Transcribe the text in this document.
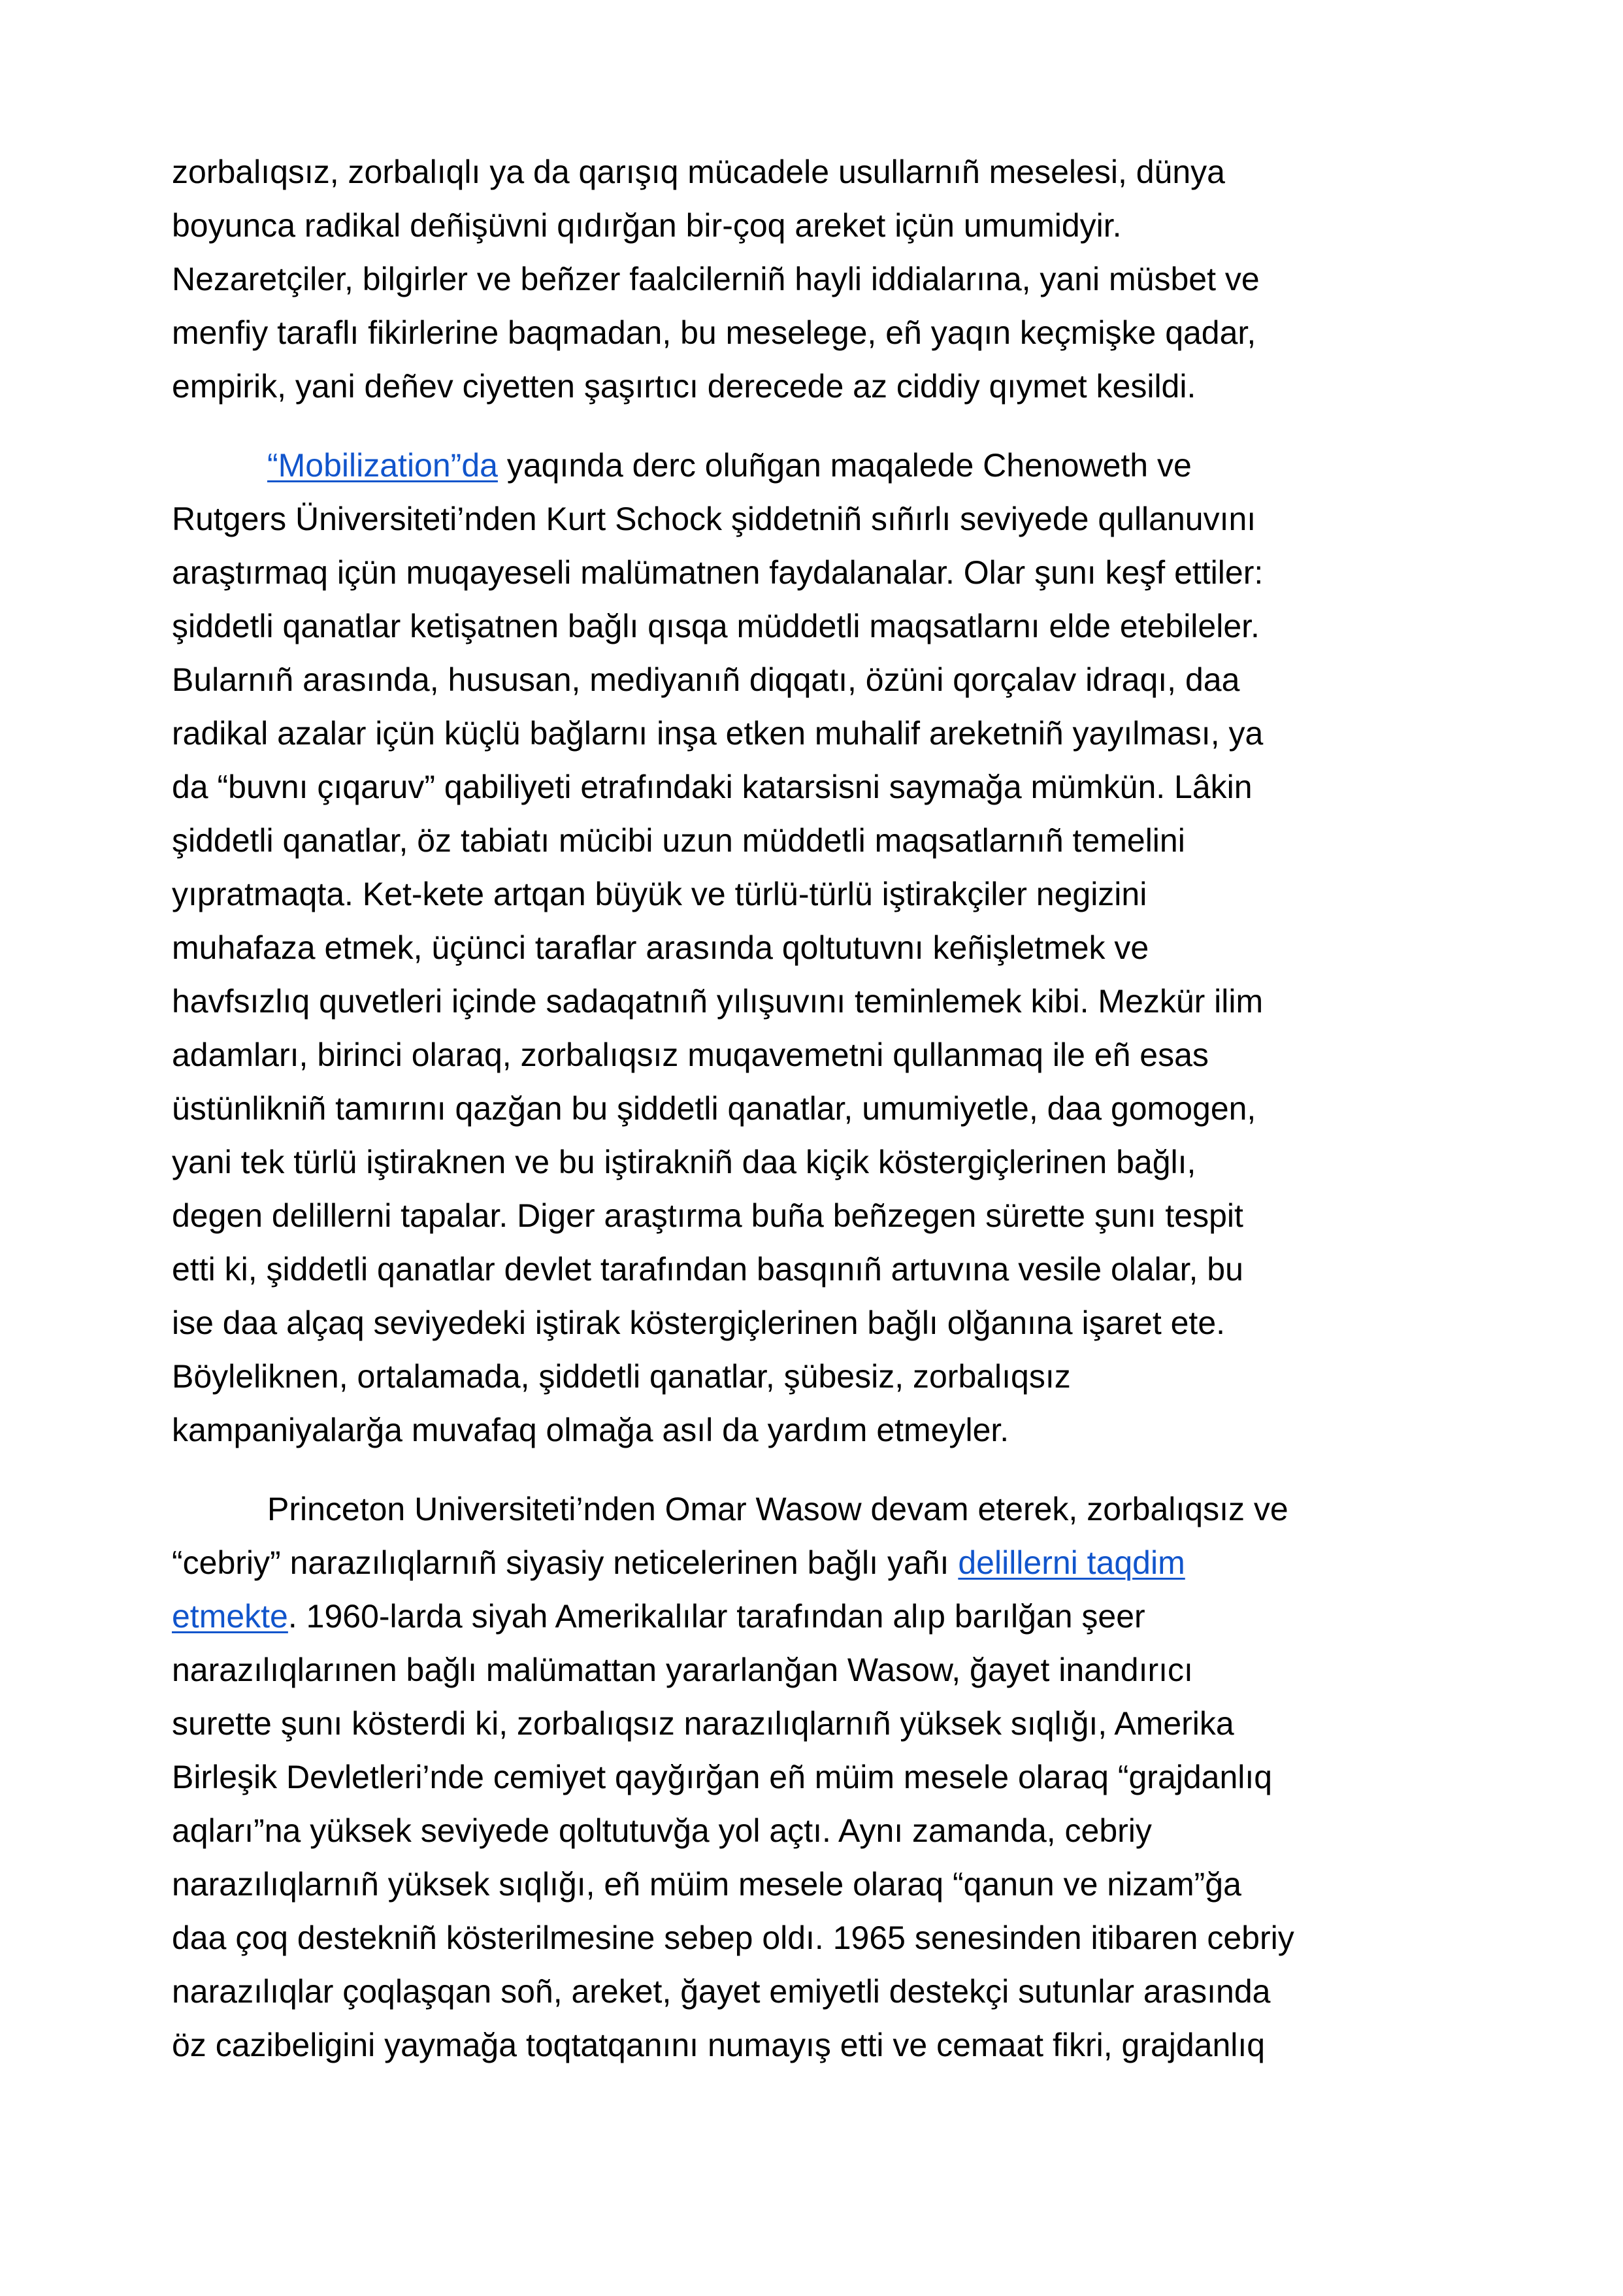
zorbalıqsız, zorbalıqlı ya da qarışıq mücadele usullarnıñ meselesi, dünya
boyunca radikal deñişüvni qıdırğan bir-çoq areket içün umumidyir.
Nezaretçiler, bilgirler ve beñzer faalcilerniñ hayli iddialarına, yani müsbet ve
menfiy taraflı fikirlerine baqmadan, bu meselege, eñ yaqın keçmişke qadar,
empirik, yani deñev ciyetten şaşırtıcı derecede az ciddiy qıymet kesildi.
“Mobilization”da yaqında derc oluñgan maqalede Chenoweth ve
Rutgers Üniversiteti’nden Kurt Schock şiddetniñ sıñırlı seviyede qullanuvını
araştırmaq içün muqayeseli malümatnen faydalanalar. Olar şunı keşf ettiler:
şiddetli qanatlar ketişatnen bağlı qısqa müddetli maqsatlarnı elde etebileler.
Bularnıñ arasında, hususan, mediyanıñ diqqatı, özüni qorçalav idraqı, daa
radikal azalar içün küçlü bağlarnı inşa etken muhalif areketniñ yayılması, ya
da “buvnı çıqaruv” qabiliyeti etrafındaki katarsisni saymağa mümkün. Lâkin
şiddetli qanatlar, öz tabiatı mücibi uzun müddetli maqsatlarnıñ temelini
yıpratmaqta. Ket-kete artqan büyük ve türlü-türlü iştirakçiler negizini
muhafaza etmek, üçünci taraflar arasında qoltutuvnı keñişletmek ve
havfsızlıq quvetleri içinde sadaqatnıñ yılışuvını teminlemek kibi. Mezkür ilim
adamları, birinci olaraq, zorbalıqsız muqavemetni qullanmaq ile eñ esas
üstünlikniñ tamırını qazğan bu şiddetli qanatlar, umumiyetle, daa gomogen,
yani tek türlü iştiraknen ve bu iştirakniñ daa kiçik köstergiçlerinen bağlı,
degen delillerni tapalar. Diger araştırma buña beñzegen sürette şunı tespit
etti ki, şiddetli qanatlar devlet tarafından basqınıñ artuvına vesile olalar, bu
ise daa alçaq seviyedeki iştirak köstergiçlerinen bağlı olğanına işaret ete.
Böyleliknen, ortalamada, şiddetli qanatlar, şübesiz, zorbalıqsız
kampaniyalarğa muvafaq olmağa asıl da yardım etmeyler.
Princeton Universiteti’nden Omar Wasow devam eterek, zorbalıqsız ve
“cebriy” narazılıqlarnıñ siyasiy neticelerinen bağlı yañı delillerni taqdim
etmekte. 1960-larda siyah Amerikalılar tarafından alıp barılğan şeer
narazılıqlarınen bağlı malümattan yararlanğan Wasow, ğayet inandırıcı
surette şunı kösterdi ki, zorbalıqsız narazılıqlarnıñ yüksek sıqlığı, Amerika
Birleşik Devletleri’nde cemiyet qayğırğan eñ müim mesele olaraq “grajdanlıq
aqları”na yüksek seviyede qoltutuvğa yol açtı. Aynı zamanda, cebriy
narazılıqlarnıñ yüksek sıqlığı, eñ müim mesele olaraq “qanun ve nizam”ğa
daa çoq destekniñ kösterilmesine sebep oldı. 1965 senesinden itibaren cebriy
narazılıqlar çoqlaşqan soñ, areket, ğayet emiyetli destekçi sutunlar arasında
öz cazibeligini yaymağa toqtatqanını numayış etti ve cemaat fikri, grajdanlıq
